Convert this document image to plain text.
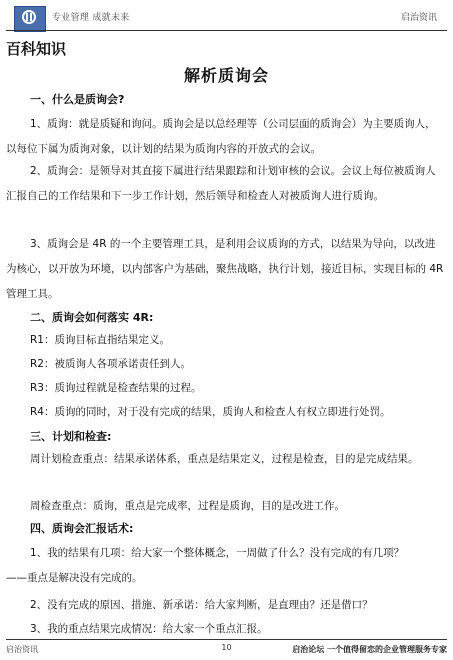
专业管理 成就未来	启治资讯
百科知识
解析质询会
一、什么是质询会?
1、质询：就是质疑和询问。质询会是以总经理等（公司层面的质询会）为主要质询人，以每位下属为质询对象，以计划的结果为质询内容的开放式的会议。
2、质询会：是领导对其直接下属进行结果跟踪和计划审核的会议。会议上每位被质询人汇报自己的工作结果和下一步工作计划，然后领导和检查人对被质询人进行质询。
3、质询会是 4R 的一个主要管理工具，是利用会议质询的方式，以结果为导向，以改进为核心，以开放为环境，以内部客户为基础，聚焦战略，执行计划，接近目标，实现目标的 4R 管理工具。
二、质询会如何落实 4R:
R1：质询目标直指结果定义。
R2：被质询人各项承诺责任到人。
R3：质询过程就是检查结果的过程。
R4：质询的同时，对于没有完成的结果，质询人和检查人有权立即进行处罚。
三、计划和检查:
周计划检查重点：结果承诺体系，重点是结果定义，过程是检查，目的是完成结果。
周检查重点：质询，重点是完成率，过程是质询，目的是改进工作。
四、质询会汇报话术:
1、我的结果有几项：给大家一个整体概念，一周做了什么？没有完成的有几项？
——重点是解决没有完成的。
2、没有完成的原因、措施、新承诺：给大家判断，是直理由？还是借口？
3、我的重点结果完成情况：给大家一个重点汇报。
启治资讯	10	启治论坛 一个值得留恋的企业管理服务专家
